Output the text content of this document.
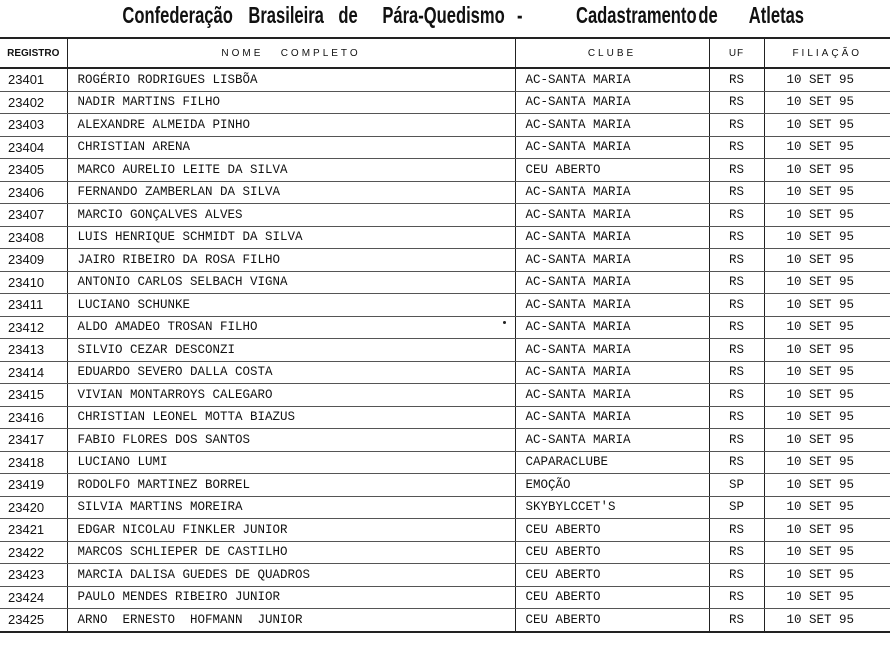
Confederação Brasileira de Pára-Quedismo - Cadastramento de Atletas
REGISTRO	NOME   COMPLETO	CLUBE	UF	FILIAÇÃO
23401	ROGÉRIO RODRIGUES LISBÕA	AC-SANTA MARIA	RS	10 SET 95
23402	NADIR MARTINS FILHO	AC-SANTA MARIA	RS	10 SET 95
23403	ALEXANDRE ALMEIDA PINHO	AC-SANTA MARIA	RS	10 SET 95
23404	CHRISTIAN ARENA	AC-SANTA MARIA	RS	10 SET 95
23405	MARCO AURELIO LEITE DA SILVA	CEU ABERTO	RS	10 SET 95
23406	FERNANDO ZAMBERLAN DA SILVA	AC-SANTA MARIA	RS	10 SET 95
23407	MARCIO GONÇALVES ALVES	AC-SANTA MARIA	RS	10 SET 95
23408	LUIS HENRIQUE SCHMIDT DA SILVA	AC-SANTA MARIA	RS	10 SET 95
23409	JAIRO RIBEIRO DA ROSA FILHO	AC-SANTA MARIA	RS	10 SET 95
23410	ANTONIO CARLOS SELBACH VIGNA	AC-SANTA MARIA	RS	10 SET 95
23411	LUCIANO SCHUNKE	AC-SANTA MARIA	RS	10 SET 95
23412	ALDO AMADEO TROSAN FILHO	AC-SANTA MARIA	RS	10 SET 95
23413	SILVIO CEZAR DESCONZI	AC-SANTA MARIA	RS	10 SET 95
23414	EDUARDO SEVERO DALLA COSTA	AC-SANTA MARIA	RS	10 SET 95
23415	VIVIAN MONTARROYS CALEGARO	AC-SANTA MARIA	RS	10 SET 95
23416	CHRISTIAN LEONEL MOTTA BIAZUS	AC-SANTA MARIA	RS	10 SET 95
23417	FABIO FLORES DOS SANTOS	AC-SANTA MARIA	RS	10 SET 95
23418	LUCIANO LUMI	CAPARACLUBE	RS	10 SET 95
23419	RODOLFO MARTINEZ BORREL	EMOÇÃO	SP	10 SET 95
23420	SILVIA MARTINS MOREIRA	SKYBYLCCET'S	SP	10 SET 95
23421	EDGAR NICOLAU FINKLER JUNIOR	CEU ABERTO	RS	10 SET 95
23422	MARCOS SCHLIEPER DE CASTILHO	CEU ABERTO	RS	10 SET 95
23423	MARCIA DALISA GUEDES DE QUADROS	CEU ABERTO	RS	10 SET 95
23424	PAULO MENDES RIBEIRO JUNIOR	CEU ABERTO	RS	10 SET 95
23425	ARNO  ERNESTO  HOFMANN  JUNIOR	CEU ABERTO	RS	10 SET 95
